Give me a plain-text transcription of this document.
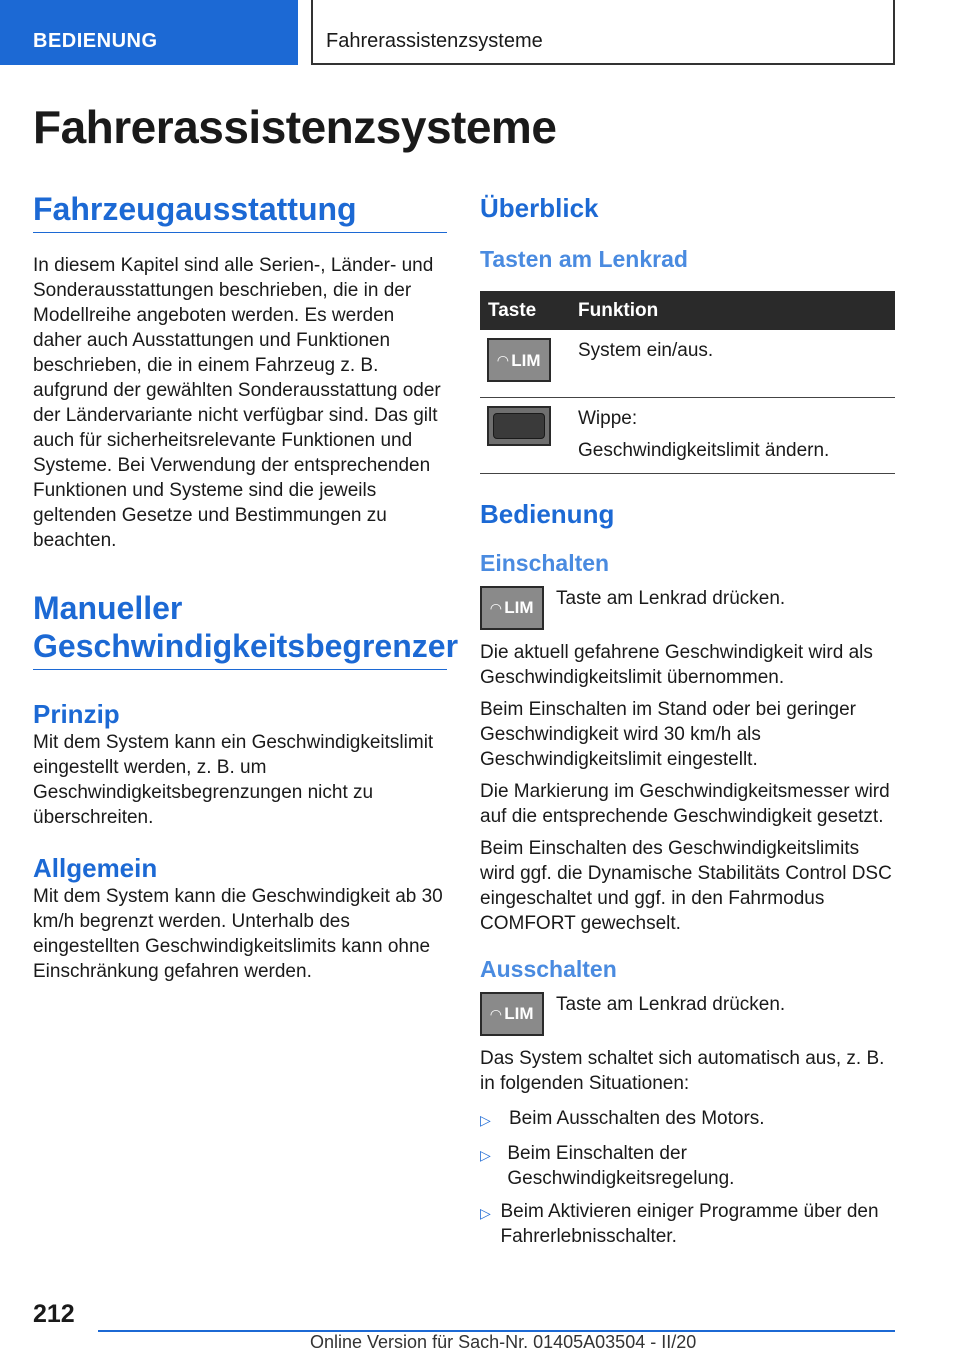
BEDIENUNG	Fahrerassistenzsysteme
Fahrerassistenzsysteme
Fahrzeugausstattung

In diesem Kapitel sind alle Serien-, Länder- und Sonderausstattungen beschrieben, die in der Modellreihe angeboten werden. Es werden daher auch Ausstattungen und Funktionen beschrieben, die in einem Fahrzeug z. B. aufgrund der gewählten Sonderausstattung oder der Ländervariante nicht verfügbar sind. Das gilt auch für sicherheitsrelevante Funktionen und Systeme. Bei Verwendung der entsprechenden Funktionen und Systeme sind die jeweils geltenden Gesetze und Bestimmungen zu beachten.

Manueller Geschwindigkeitsbegrenzer
Prinzip

Mit dem System kann ein Geschwindigkeitslimit eingestellt werden, z. B. um Geschwindigkeitsbegrenzungen nicht zu überschreiten.

Allgemein

Mit dem System kann die Geschwindigkeit ab 30 km/h begrenzt werden. Unterhalb des eingestellten Geschwindigkeitslimits kann ohne Einschränkung gefahren werden.

Überblick
Tasten am Lenkrad
Taste	Funktion

◠ LIM	System ein/aus.

	Wippe:
Geschwindigkeitslimit ändern.
Bedienung
Einschalten
◠ LIM Taste am Lenkrad drücken.

Die aktuell gefahrene Geschwindigkeit wird als Geschwindigkeitslimit übernommen.

Beim Einschalten im Stand oder bei geringer Geschwindigkeit wird 30 km/h als Geschwindigkeitslimit eingestellt.

Die Markierung im Geschwindigkeitsmesser wird auf die entsprechende Geschwindigkeit gesetzt.

Beim Einschalten des Geschwindigkeitslimits wird ggf. die Dynamische Stabilitäts Control DSC eingeschaltet und ggf. in den Fahrmodus COMFORT gewechselt.

Ausschalten
◠ LIM Taste am Lenkrad drücken.

Das System schaltet sich automatisch aus, z. B. in folgenden Situationen:

▷ Beim Ausschalten des Motors.
▷ Beim Einschalten der Geschwindigkeitsregelung.
▷ Beim Aktivieren einiger Programme über den Fahrerlebnisschalter.
212
Online Version für Sach-Nr. 01405A03504 - II/20
